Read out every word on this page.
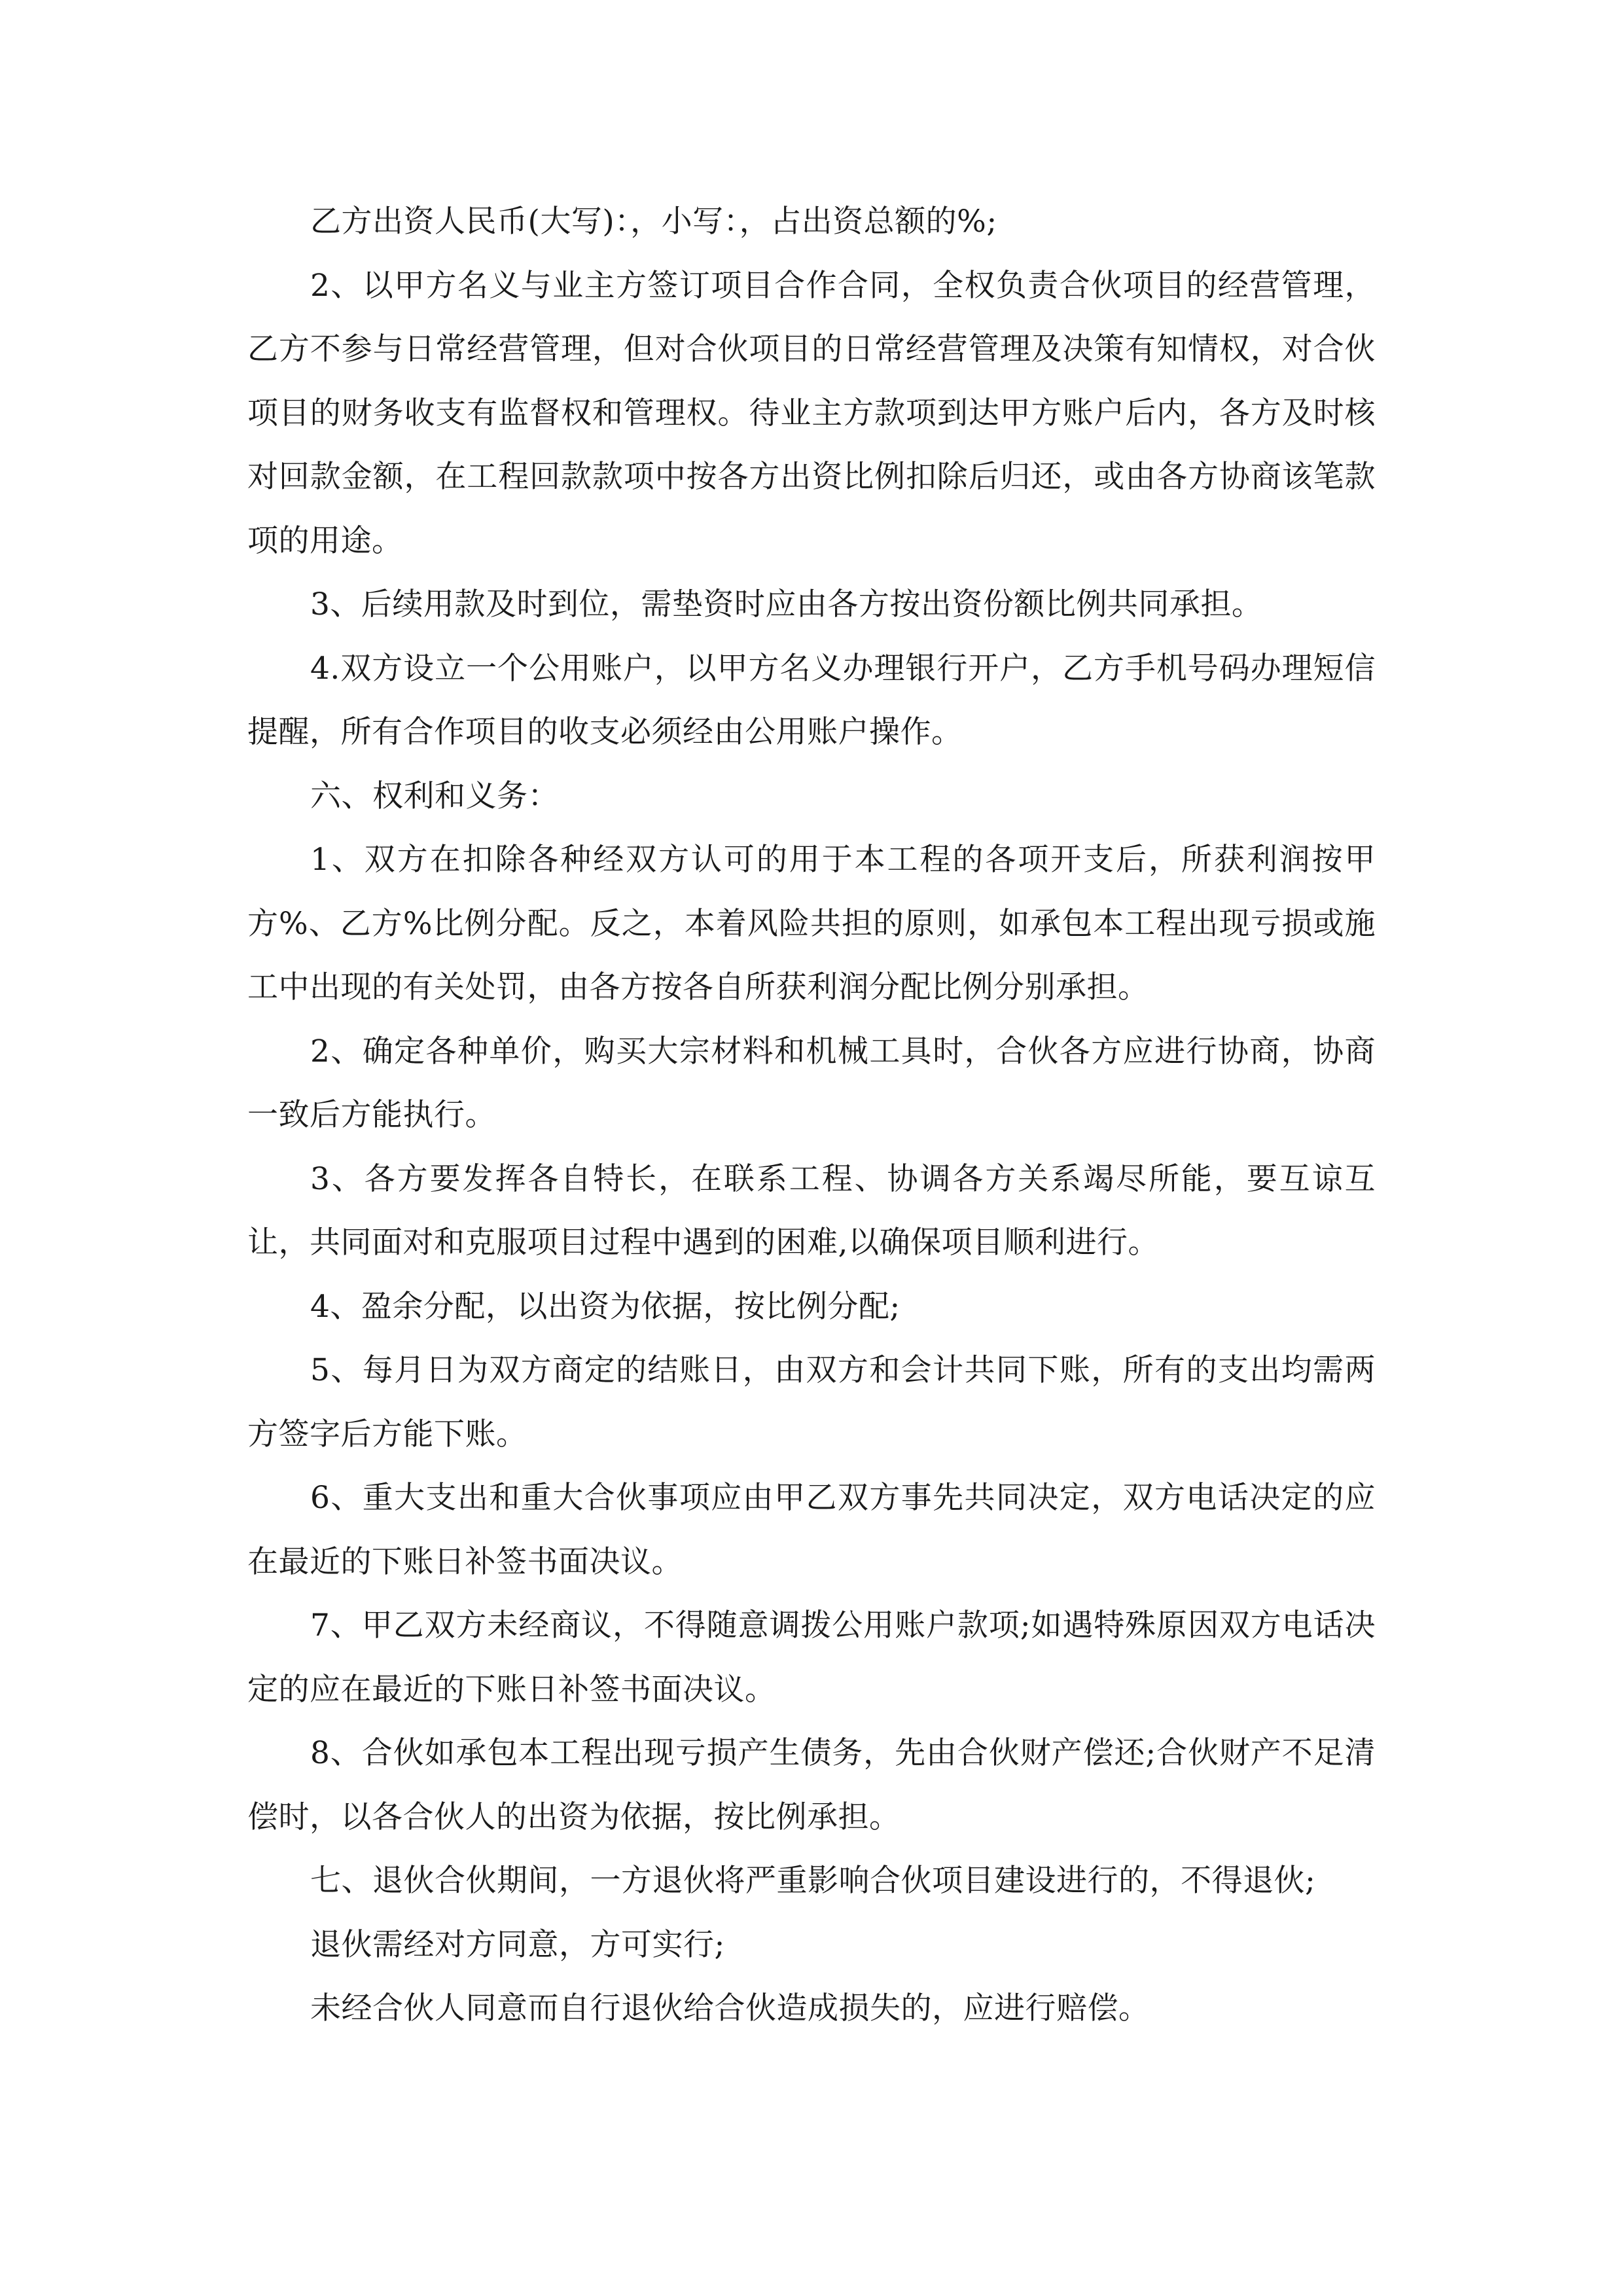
乙方出资人民币(大写)：，小写：，占出资总额的%;

2、以甲方名义与业主方签订项目合作合同，全权负责合伙项目的经营管理，乙方不参与日常经营管理，但对合伙项目的日常经营管理及决策有知情权，对合伙项目的财务收支有监督权和管理权。待业主方款项到达甲方账户后内，各方及时核对回款金额，在工程回款款项中按各方出资比例扣除后归还，或由各方协商该笔款项的用途。

3、后续用款及时到位，需垫资时应由各方按出资份额比例共同承担。

4.双方设立一个公用账户，以甲方名义办理银行开户，乙方手机号码办理短信提醒，所有合作项目的收支必须经由公用账户操作。

六、权利和义务：

1、双方在扣除各种经双方认可的用于本工程的各项开支后，所获利润按甲方%、乙方%比例分配。反之，本着风险共担的原则，如承包本工程出现亏损或施工中出现的有关处罚，由各方按各自所获利润分配比例分别承担。

2、确定各种单价，购买大宗材料和机械工具时，合伙各方应进行协商，协商一致后方能执行。

3、各方要发挥各自特长，在联系工程、协调各方关系竭尽所能，要互谅互让，共同面对和克服项目过程中遇到的困难,以确保项目顺利进行。

4、盈余分配，以出资为依据，按比例分配;

5、每月日为双方商定的结账日，由双方和会计共同下账，所有的支出均需两方签字后方能下账。

6、重大支出和重大合伙事项应由甲乙双方事先共同决定，双方电话决定的应在最近的下账日补签书面决议。

7、甲乙双方未经商议，不得随意调拨公用账户款项;如遇特殊原因双方电话决定的应在最近的下账日补签书面决议。

8、合伙如承包本工程出现亏损产生债务，先由合伙财产偿还;合伙财产不足清偿时，以各合伙人的出资为依据，按比例承担。

七、退伙合伙期间，一方退伙将严重影响合伙项目建设进行的，不得退伙;

退伙需经对方同意，方可实行;

未经合伙人同意而自行退伙给合伙造成损失的，应进行赔偿。
